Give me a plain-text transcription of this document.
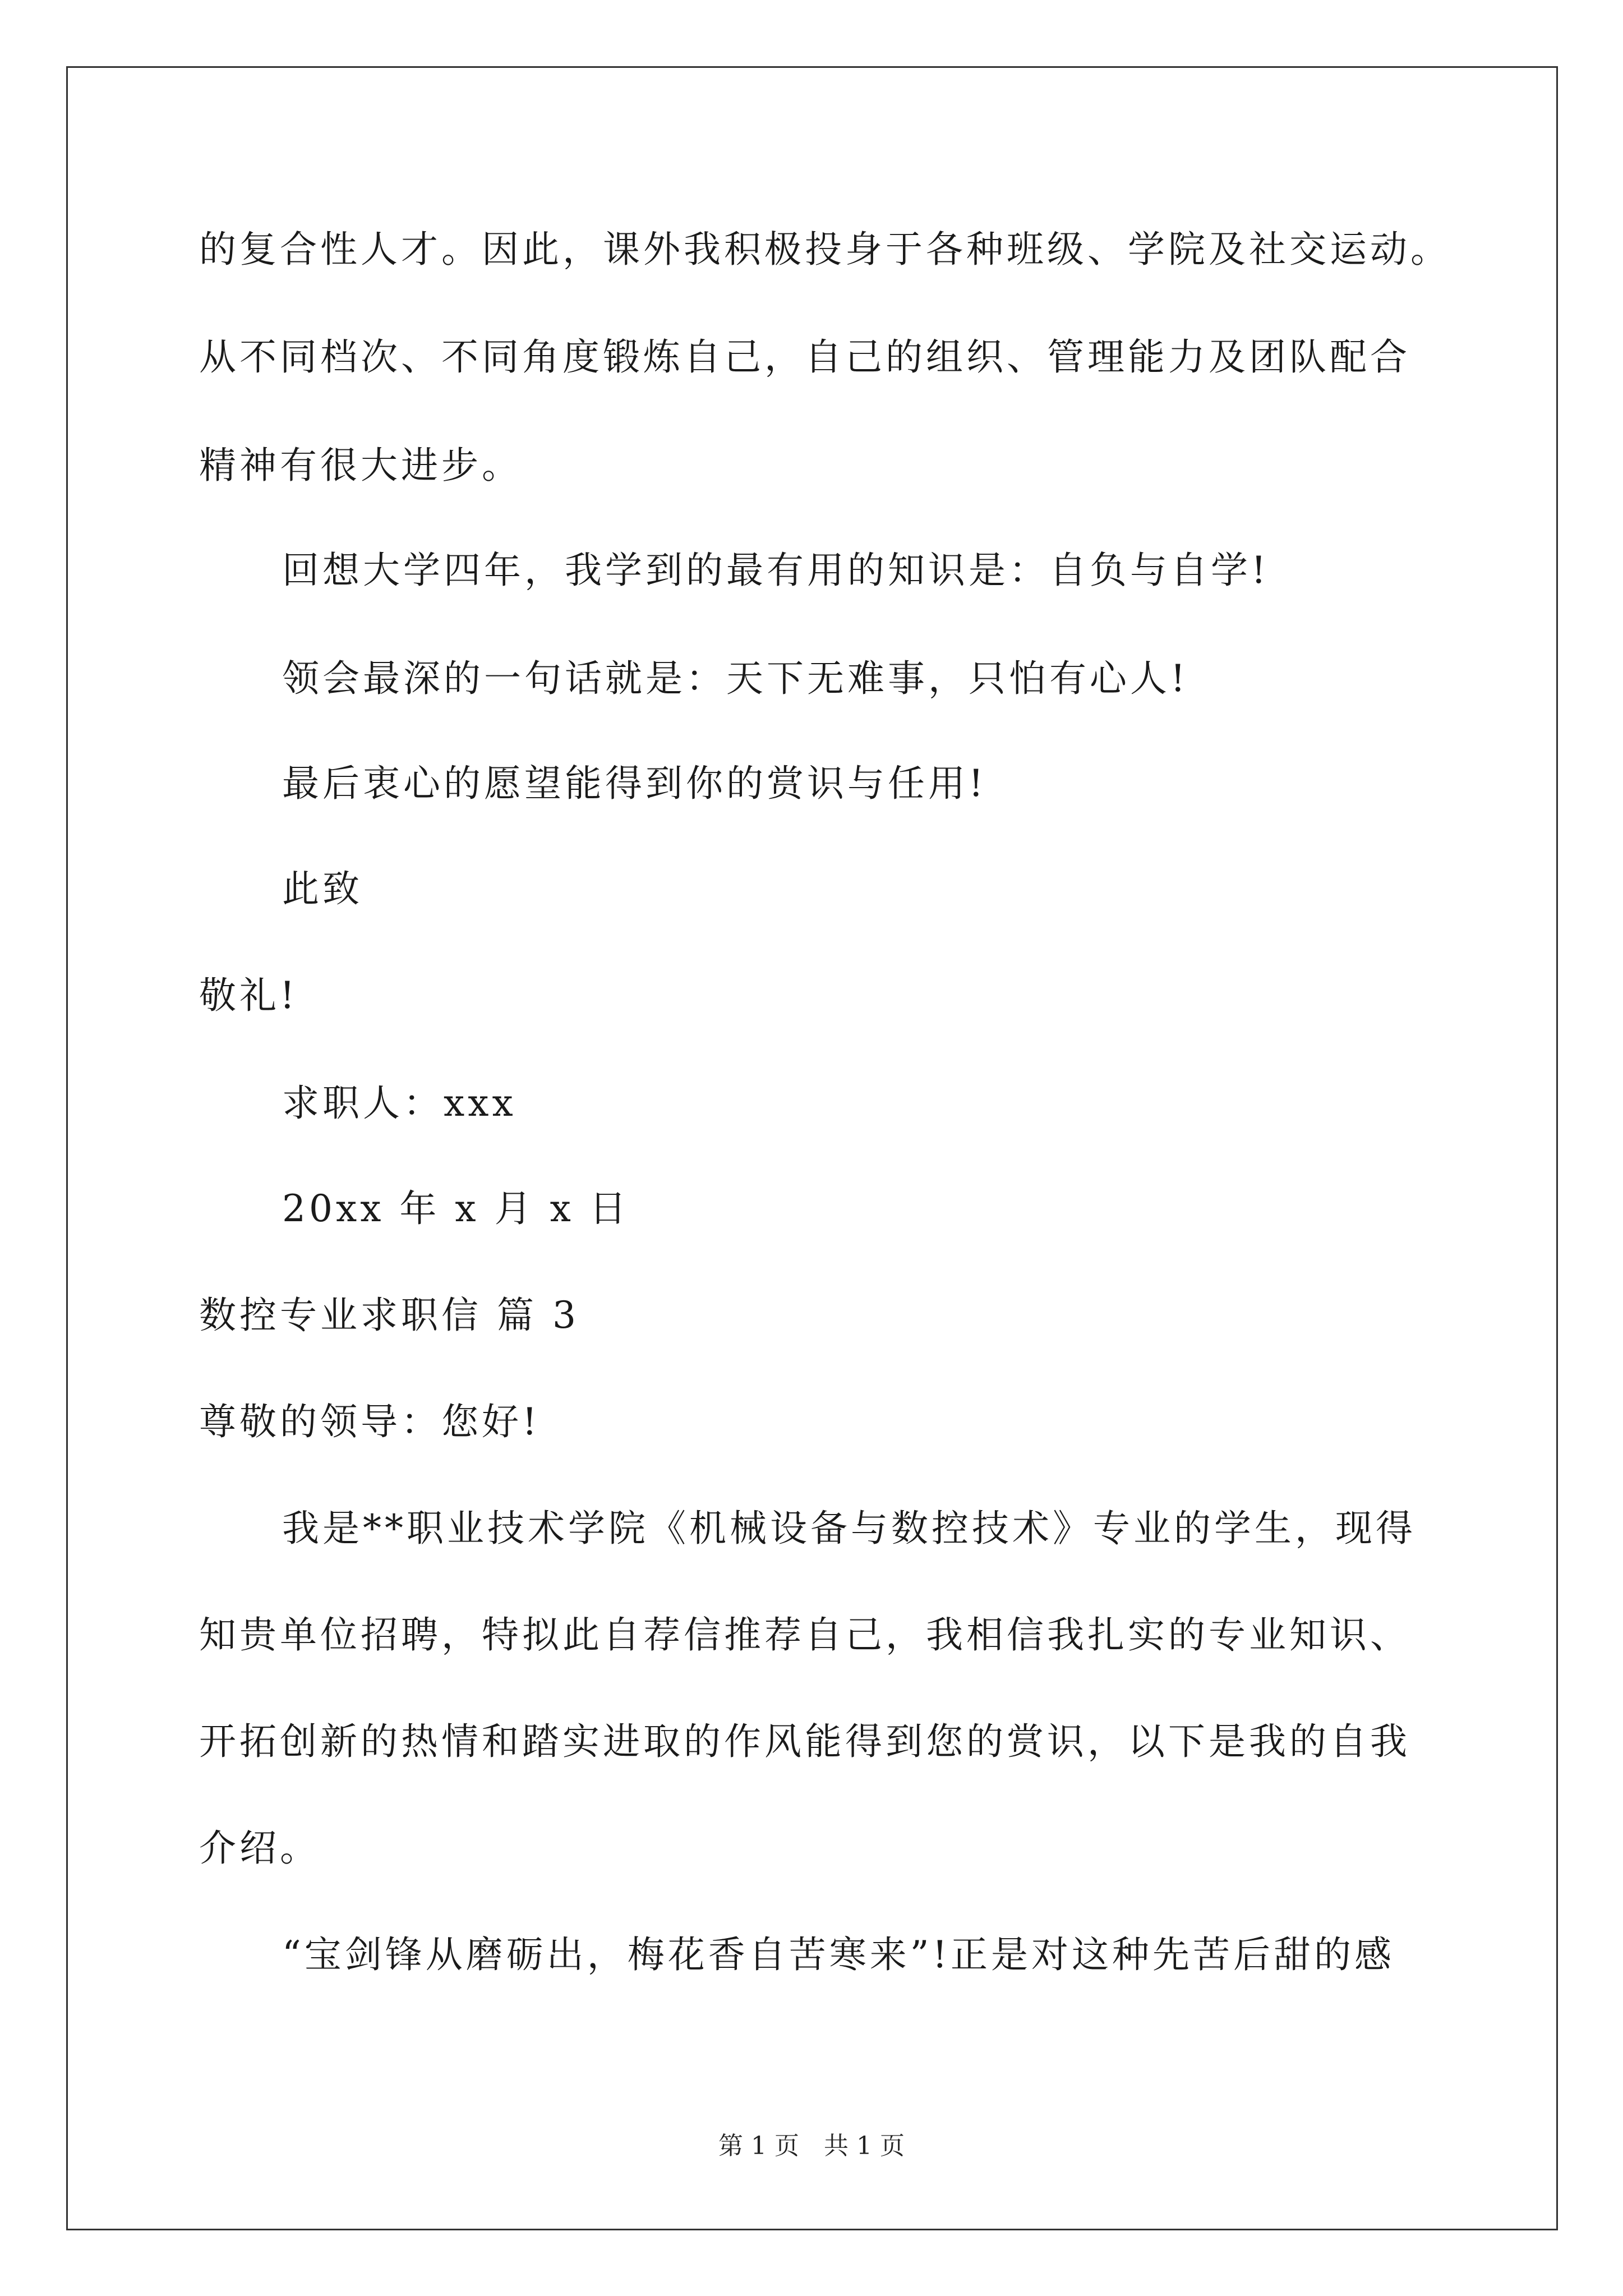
的复合性人才。因此，课外我积极投身于各种班级、学院及社交运动。
从不同档次、不同角度锻炼自己，自己的组织、管理能力及团队配合
精神有很大进步。
回想大学四年，我学到的最有用的知识是：自负与自学!
领会最深的一句话就是：天下无难事，只怕有心人!
最后衷心的愿望能得到你的赏识与任用!
此致
敬礼!
求职人：xxx
20xx 年 x 月 x 日
数控专业求职信 篇 3
尊敬的领导：您好!
我是**职业技术学院《机械设备与数控技术》专业的学生，现得
知贵单位招聘，特拟此自荐信推荐自己，我相信我扎实的专业知识、
开拓创新的热情和踏实进取的作风能得到您的赏识，以下是我的自我
介绍。
“宝剑锋从磨砺出，梅花香自苦寒来”!正是对这种先苦后甜的感
第 1 页　共 1 页
